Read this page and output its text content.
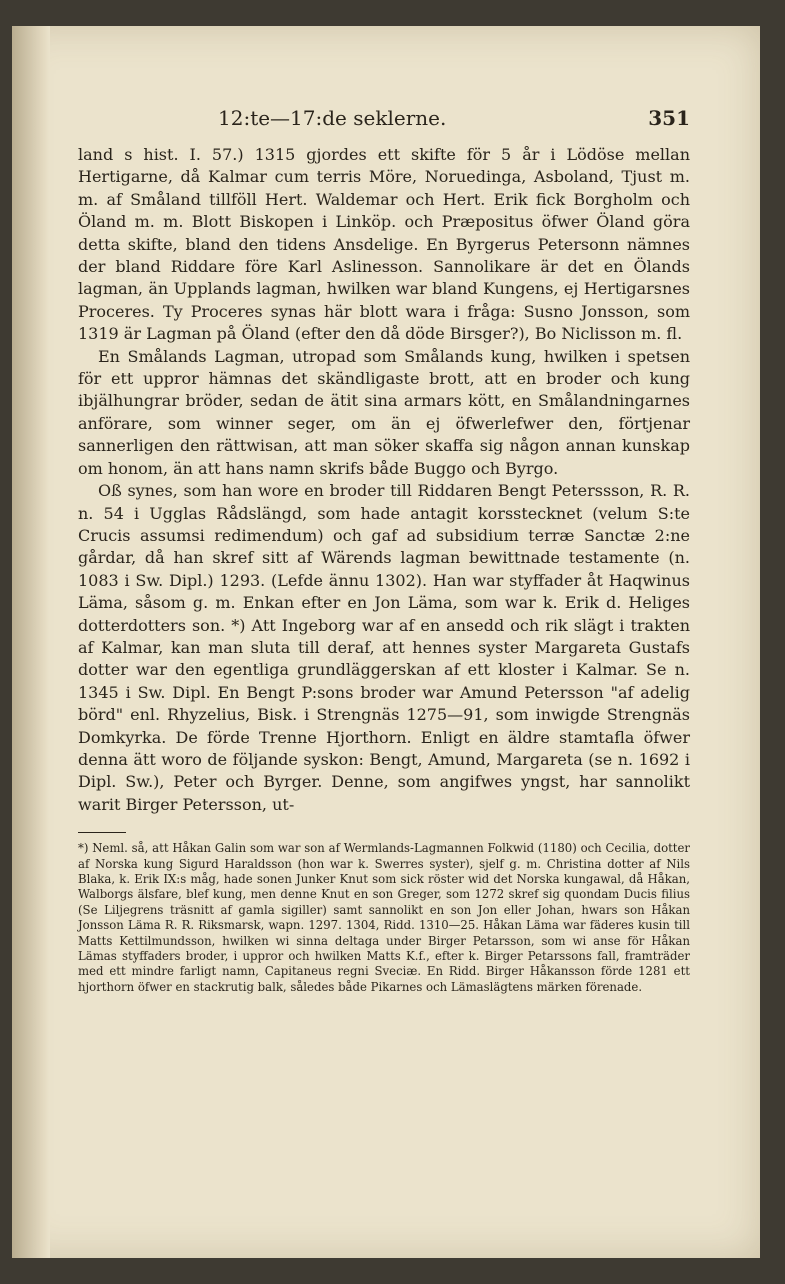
12:te—17:de seklerne.	351

land s hist. I. 57.) 1315 gjordes ett skifte för 5 år i Lödöse mellan Hertigarne, då Kalmar cum terris Möre, Noruedinga, Asboland, Tjust m. m. af Småland tillföll Hert. Waldemar och Hert. Erik fick Borgholm och Öland m. m. Blott Biskopen i Linköp. och Præpositus öfwer Öland göra detta skifte, bland den tidens Ansdelige. En Byrgerus Petersonn nämnes der bland Riddare före Karl Aslinesson. Sannolikare är det en Ölands lagman, än Upplands lagman, hwilken war bland Kungens, ej Hertigarsnes Proceres. Ty Proceres synas här blott wara i fråga: Susno Jonsson, som 1319 är Lagman på Öland (efter den då döde Birsger?), Bo Niclisson m. fl.

En Smålands Lagman, utropad som Smålands kung, hwilken i spetsen för ett uppror hämnas det skändligaste brott, att en broder och kung ibjälhungrar bröder, sedan de ätit sina armars kött, en Smålandningarnes anförare, som winner seger, om än ej öfwerlefwer den, förtjenar sannerligen den rättwisan, att man söker skaffa sig någon annan kunskap om honom, än att hans namn skrifs både Buggo och Byrgo.

Oß synes, som han wore en broder till Riddaren Bengt Peterssson, R. R. n. 54 i Ugglas Rådslängd, som hade antagit korsstecknet (velum S:te Crucis assumsi redimendum) och gaf ad subsidium terræ Sanctæ 2:ne gårdar, då han skref sitt af Wärends lagman bewittnade testamente (n. 1083 i Sw. Dipl.) 1293. (Lefde ännu 1302). Han war styffader åt Haqwinus Läma, såsom g. m. Enkan efter en Jon Läma, som war k. Erik d. Heliges dotterdotters son. *) Att Ingeborg war af en ansedd och rik slägt i trakten af Kalmar, kan man sluta till deraf, att hennes syster Margareta Gustafs dotter war den egentliga grundläggerskan af ett kloster i Kalmar. Se n. 1345 i Sw. Dipl. En Bengt P:sons broder war Amund Petersson "af adelig börd" enl. Rhyzelius, Bisk. i Strengnäs 1275—91, som inwigde Strengnäs Domkyrka. De förde Trenne Hjorthorn. Enligt en äldre stamtafla öfwer denna ätt woro de följande syskon: Bengt, Amund, Margareta (se n. 1692 i Dipl. Sw.), Peter och Byrger. Denne, som angifwes yngst, har sannolikt warit Birger Petersson, ut-

*) Neml. så, att Håkan Galin som war son af Wermlands-Lagmannen Folkwid (1180) och Cecilia, dotter af Norska kung Sigurd Haraldsson (hon war k. Swerres syster), sjelf g. m. Christina dotter af Nils Blaka, k. Erik IX:s måg, hade sonen Junker Knut som sick röster wid det Norska kungawal, då Håkan, Walborgs älsfare, blef kung, men denne Knut en son Greger, som 1272 skref sig quondam Ducis filius (Se Liljegrens träsnitt af gamla sigiller) samt sannolikt en son Jon eller Johan, hwars son Håkan Jonsson Läma R. R. Riksmarsk, wapn. 1297. 1304, Ridd. 1310—25. Håkan Läma war fäderes kusin till Matts Kettilmundsson, hwilken wi sinna deltaga under Birger Petarsson, som wi anse för Håkan Lämas styffaders broder, i uppror och hwilken Matts K.f., efter k. Birger Petarssons fall, framträder med ett mindre farligt namn, Capitaneus regni Sveciæ. En Ridd. Birger Håkansson förde 1281 ett hjorthorn öfwer en stackrutig balk, således både Pikarnes och Lämaslägtens märken förenade.
